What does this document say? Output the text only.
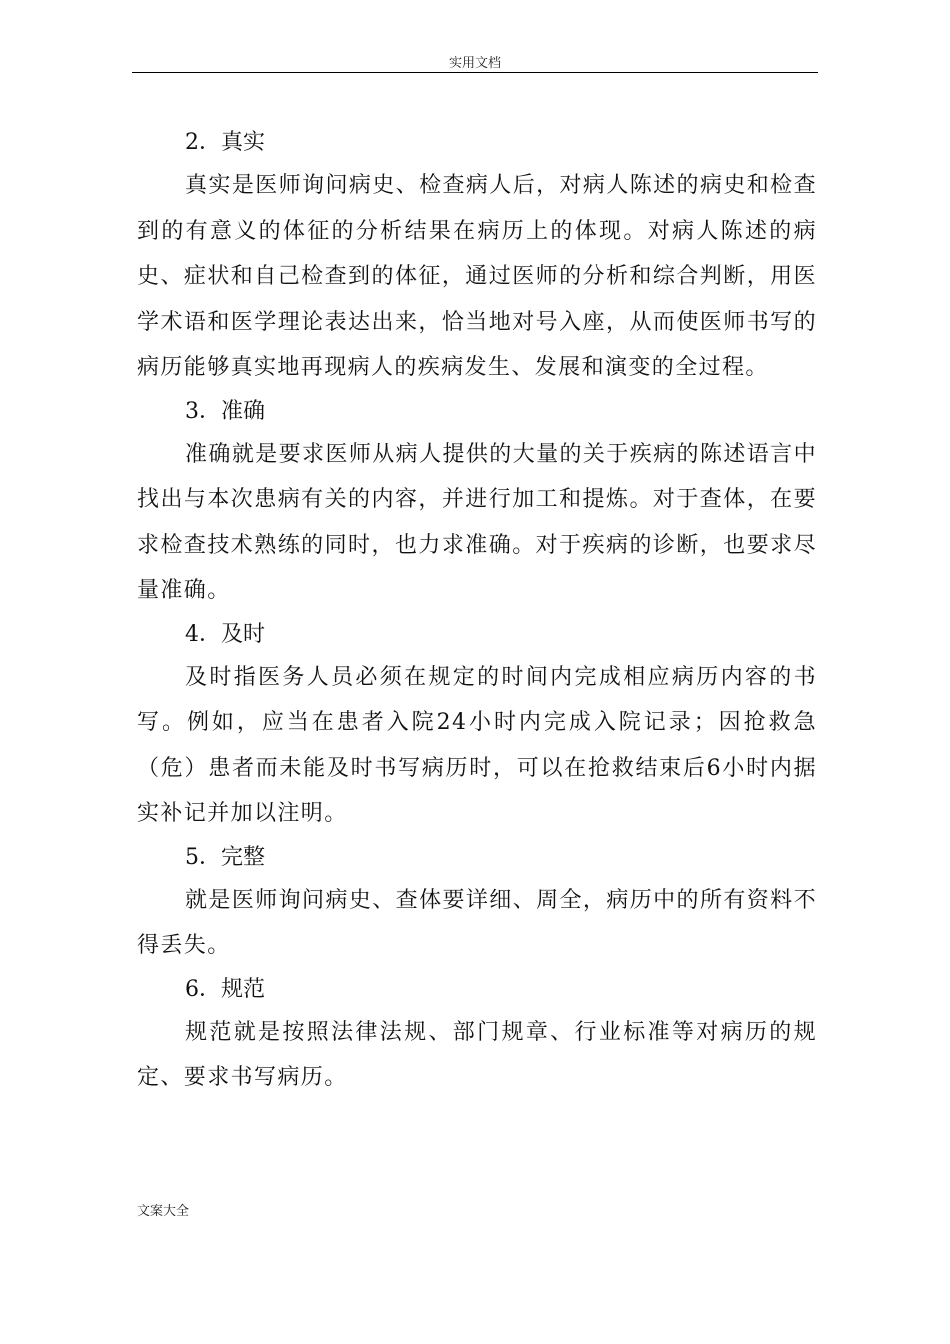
实用文档
2．真实
真实是医师询问病史、检查病人后，对病人陈述的病史和检查到的有意义的体征的分析结果在病历上的体现。对病人陈述的病史、症状和自己检查到的体征，通过医师的分析和综合判断，用医学术语和医学理论表达出来，恰当地对号入座，从而使医师书写的病历能够真实地再现病人的疾病发生、发展和演变的全过程。
3．准确
准确就是要求医师从病人提供的大量的关于疾病的陈述语言中找出与本次患病有关的内容，并进行加工和提炼。对于查体，在要求检查技术熟练的同时，也力求准确。对于疾病的诊断，也要求尽量准确。
4．及时
及时指医务人员必须在规定的时间内完成相应病历内容的书写。例如，应当在患者入院24小时内完成入院记录；因抢救急（危）患者而未能及时书写病历时，可以在抢救结束后6小时内据实补记并加以注明。
5．完整
就是医师询问病史、查体要详细、周全，病历中的所有资料不得丢失。
6．规范
规范就是按照法律法规、部门规章、行业标准等对病历的规定、要求书写病历。
文案大全
